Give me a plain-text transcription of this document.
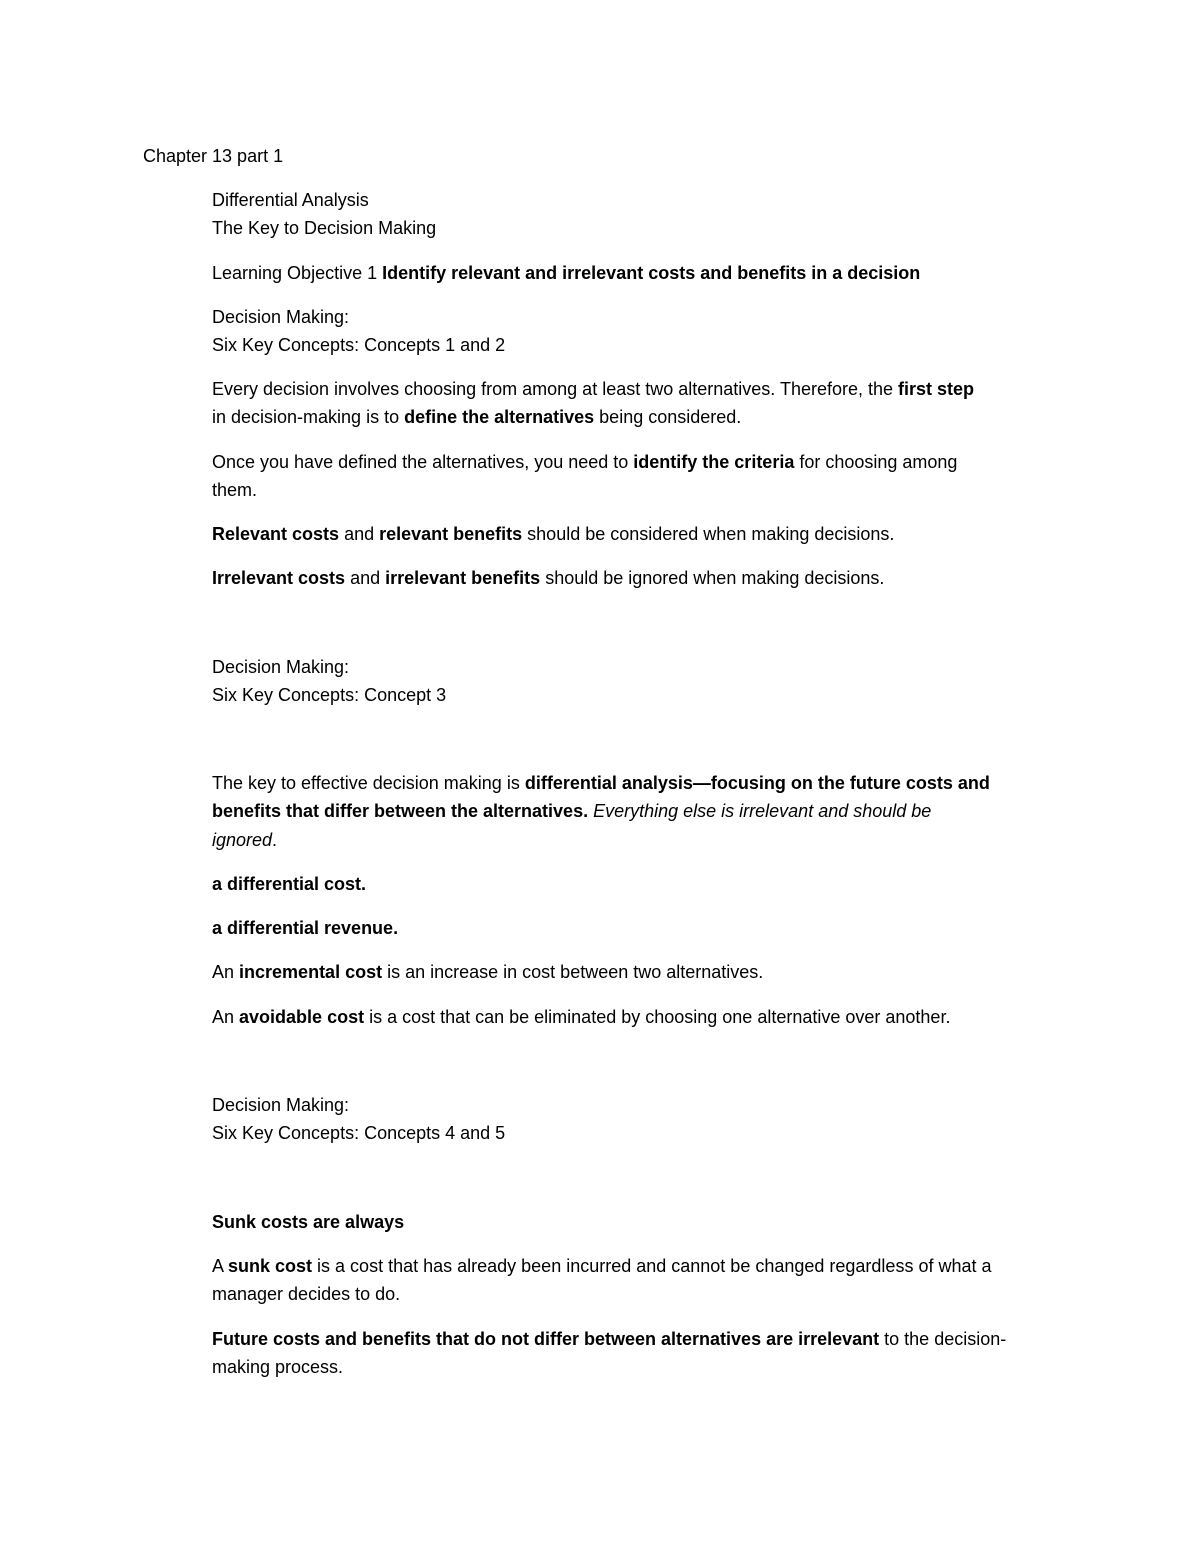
Chapter 13 part 1
Differential Analysis
The Key to Decision Making
Learning Objective 1 Identify relevant and irrelevant costs and benefits in a decision
Decision Making:
Six Key Concepts: Concepts 1 and 2
Every decision involves choosing from among at least two alternatives. Therefore, the first step
in decision-making is to define the alternatives being considered.
Once you have defined the alternatives, you need to identify the criteria for choosing among
them.
Relevant costs and relevant benefits should be considered when making decisions.
Irrelevant costs and irrelevant benefits should be ignored when making decisions.
Decision Making:
Six Key Concepts: Concept 3
The key to effective decision making is differential analysis—focusing on the future costs and
benefits that differ between the alternatives. Everything else is irrelevant and should be
ignored.
a differential cost.
a differential revenue.
An incremental cost is an increase in cost between two alternatives.
An avoidable cost is a cost that can be eliminated by choosing one alternative over another.
Decision Making:
Six Key Concepts: Concepts 4 and 5
Sunk costs are always
A sunk cost is a cost that has already been incurred and cannot be changed regardless of what a
manager decides to do.
Future costs and benefits that do not differ between alternatives are irrelevant to the decision-
making process.
